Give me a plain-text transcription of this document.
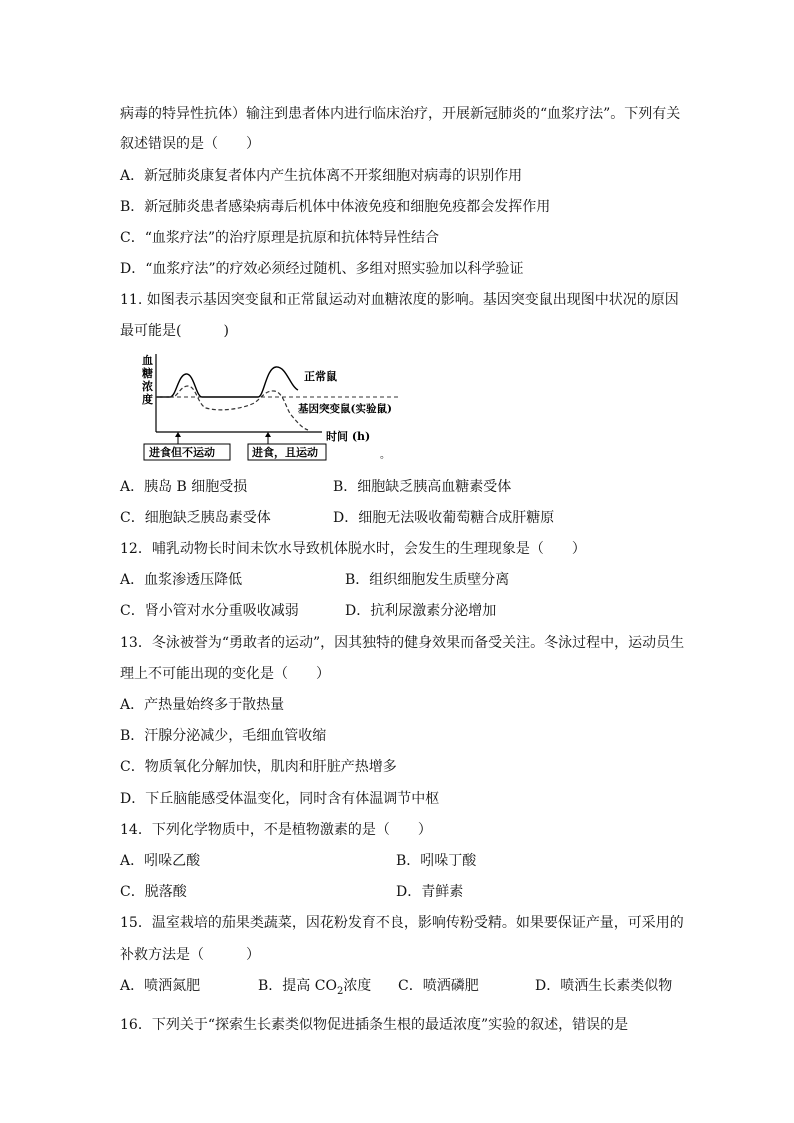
病毒的特异性抗体）输注到患者体内进行临床治疗，开展新冠肺炎的“血浆疗法”。下列有关
叙述错误的是（　　）
A．新冠肺炎康复者体内产生抗体离不开浆细胞对病毒的识别作用
B．新冠肺炎患者感染病毒后机体中体液免疫和细胞免疫都会发挥作用
C．“血浆疗法”的治疗原理是抗原和抗体特异性结合
D．“血浆疗法”的疗效必须经过随机、多组对照实验加以科学验证
11. 如图表示基因突变鼠和正常鼠运动对血糖浓度的影响。基因突变鼠出现图中状况的原因
最可能是(　　　)
血
糖
浓
度
正常鼠
基因突变鼠(实验鼠)
时间 (h)
进食但不运动	进食，且运动	。
A．胰岛 B 细胞受损	B．细胞缺乏胰高血糖素受体
C．细胞缺乏胰岛素受体	D．细胞无法吸收葡萄糖合成肝糖原
12．哺乳动物长时间未饮水导致机体脱水时，会发生的生理现象是（　　）
A．血浆渗透压降低	B．组织细胞发生质壁分离
C．肾小管对水分重吸收减弱	D．抗利尿激素分泌增加
13．冬泳被誉为“勇敢者的运动”，因其独特的健身效果而备受关注。冬泳过程中，运动员生
理上不可能出现的变化是（　　）
A．产热量始终多于散热量
B．汗腺分泌减少，毛细血管收缩
C．物质氧化分解加快，肌肉和肝脏产热增多
D．下丘脑能感受体温变化，同时含有体温调节中枢
14．下列化学物质中，不是植物激素的是（　　）
A．吲哚乙酸	B．吲哚丁酸
C．脱落酸	D．青鲜素
15．温室栽培的茄果类蔬菜，因花粉发育不良，影响传粉受精。如果要保证产量，可采用的
补救方法是（　　　）
A．喷洒氮肥	B．提高 $CO_2$浓度 C．喷洒磷肥	D．喷洒生长素类似物
16．下列关于“探索生长素类似物促进插条生根的最适浓度”实验的叙述，错误的是
